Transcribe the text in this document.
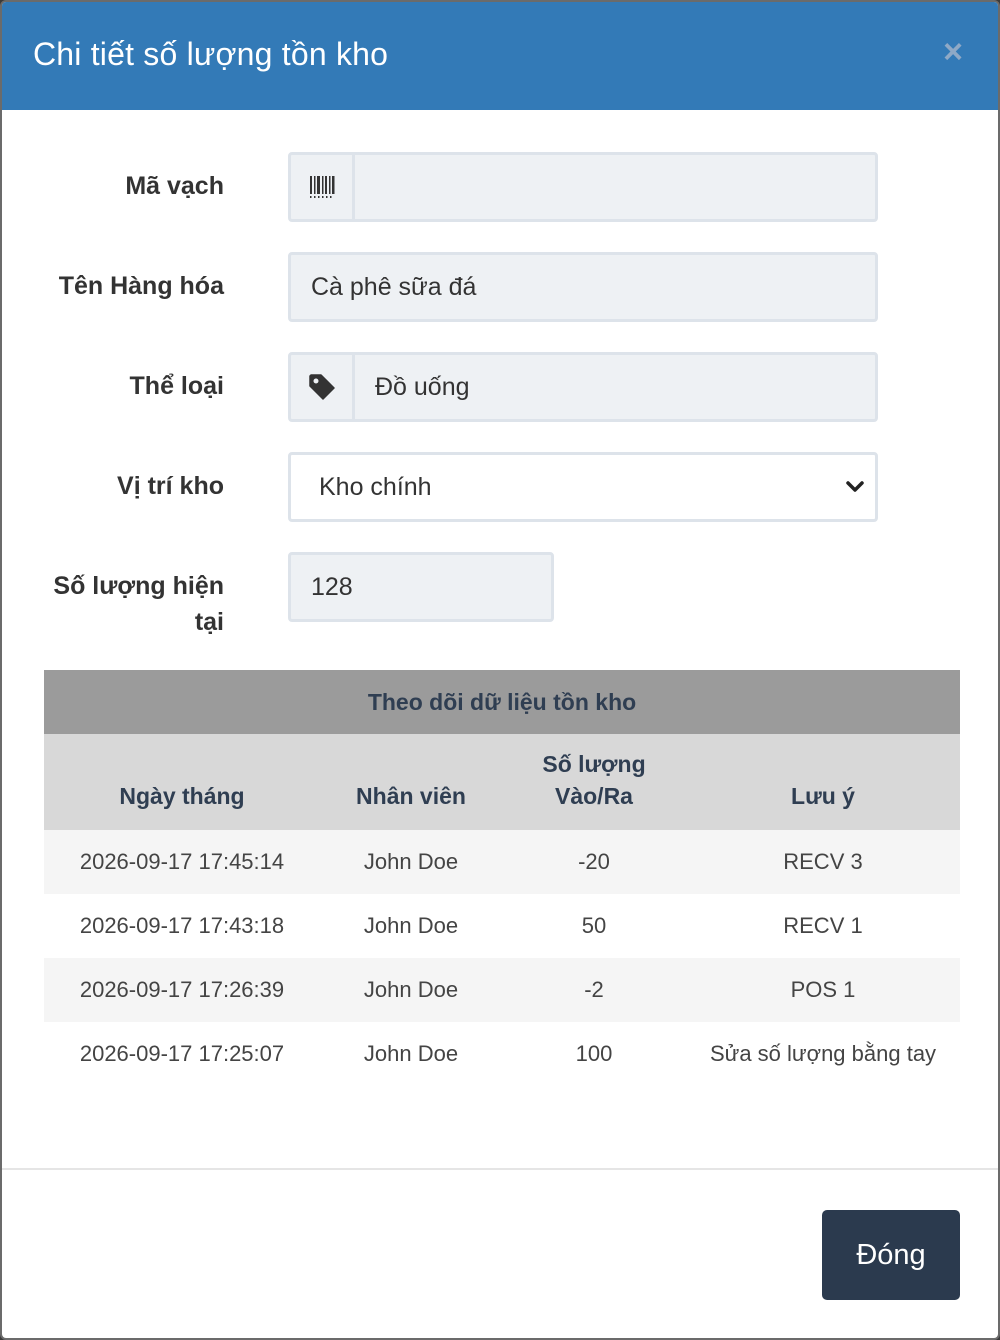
Chi tiết số lượng tồn kho	×
Mã vạch
Tên Hàng hóa	Cà phê sữa đá
Thể loại	Đồ uống
Vị trí kho	Kho chính
Số lượng hiện tại
128
Theo dõi dữ liệu tồn kho
Ngày tháng	Nhân viên	Số lượng Vào/Ra	Lưu ý
2026-09-17 17:45:14	John Doe	-20	RECV 3
2026-09-17 17:43:18	John Doe	50	RECV 1
2026-09-17 17:26:39	John Doe	-2	POS 1
2026-09-17 17:25:07	John Doe	100	Sửa số lượng bằng tay
Đóng
